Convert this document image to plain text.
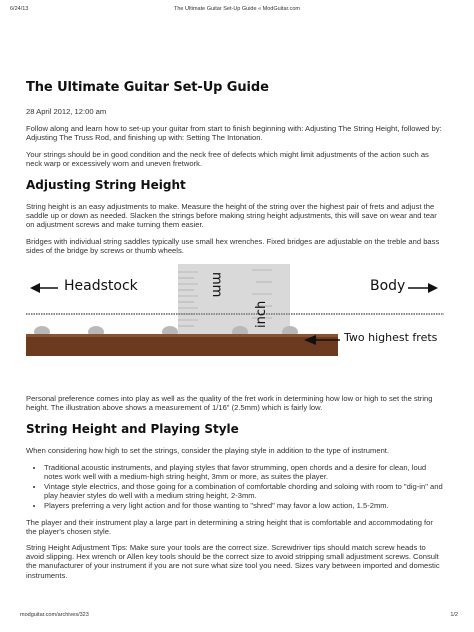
6/24/13	The Ultimate Guitar Set-Up Guide « ModGuitar.com
The Ultimate Guitar Set-Up Guide

28 April 2012, 12:00 am

Follow along and learn how to set-up your guitar from start to finish beginning with: Adjusting The String Height, followed by: Adjusting The Truss Rod, and finishing up with: Setting The Intonation.

Your strings should be in good condition and the neck free of defects which might limit adjustments of the action such as neck warp or excessively worn and uneven fretwork.

Adjusting String Height

String height is an easy adjustments to make. Measure the height of the string over the highest pair of frets and adjust the saddle up or down as needed. Slacken the strings before making string height adjustments, this will save on wear and tear on adjustment screws and make turning them easier.

Bridges with individual string saddles typically use small hex wrenches. Fixed bridges are adjustable on the treble and bass sides of the bridge by screws or thumb wheels.

Headstock	Body
mm
inch
Two highest frets

Personal preference comes into play as well as the quality of the fret work in determining how low or high to set the string height. The illustration above shows a measurement of 1/16" (2.5mm) which is fairly low.

String Height and Playing Style

When considering how high to set the strings, consider the playing style in addition to the type of instrument.

• Traditional acoustic instruments, and playing styles that favor strumming, open chords and a desire for clean, loud notes work well with a medium-high string height, 3mm or more, as suites the player.
• Vintage style electrics, and those going for a combination of comfortable chording and soloing with room to "dig-in" and play heavier styles do well with a medium string height, 2-3mm.
• Players preferring a very light action and for those wanting to "shred" may favor a low action, 1.5-2mm.

The player and their instrument play a large part in determining a string height that is comfortable and accommodating for the player's chosen style.

String Height Adjustment Tips: Make sure your tools are the correct size. Screwdriver tips should match screw heads to avoid slipping. Hex wrench or Allen key tools should be the correct size to avoid stripping small adjustment screws. Consult the manufacturer of your instrument if you are not sure what size tool you need. Sizes vary between imported and domestic instruments.

modguitar.com/archives/323	1/2
